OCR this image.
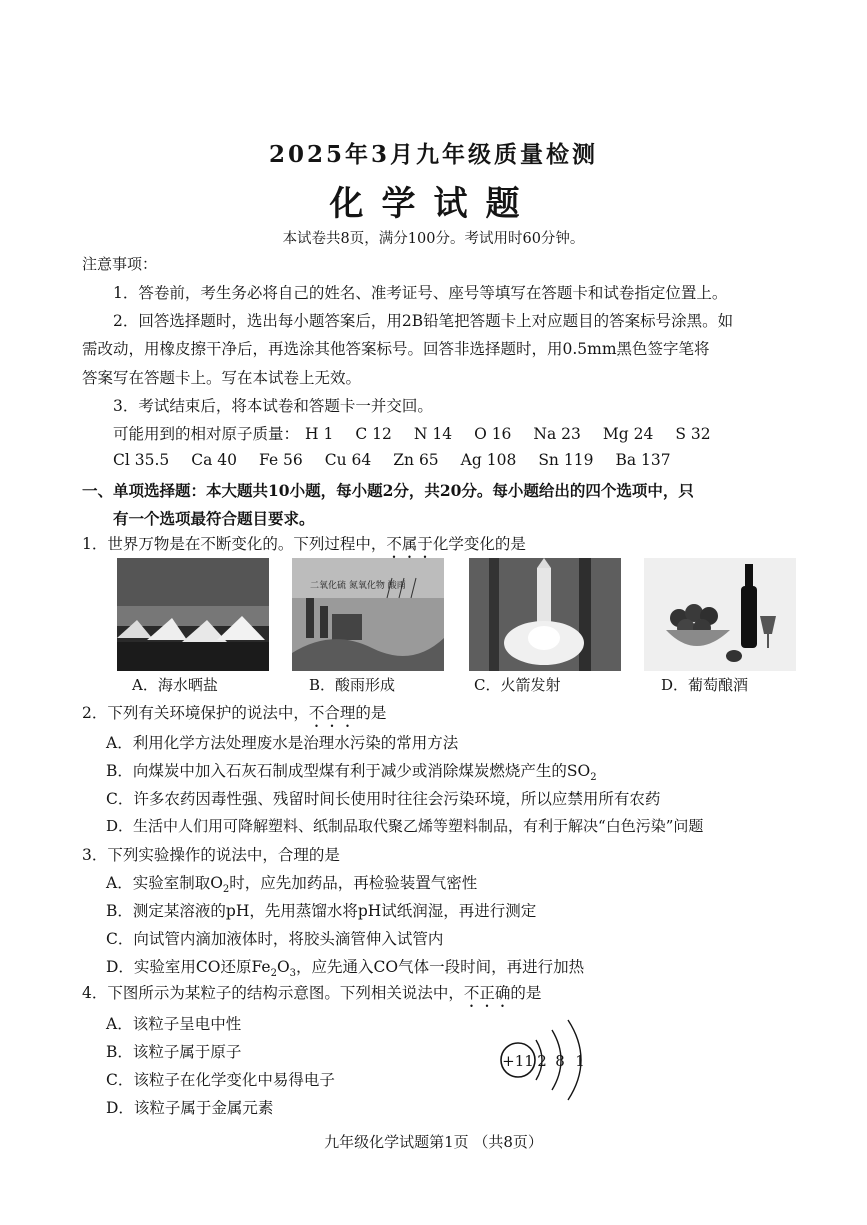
2025年3月九年级质量检测
化学试题
本试卷共8页，满分100分。考试用时60分钟。
注意事项：
1．答卷前，考生务必将自己的姓名、准考证号、座号等填写在答题卡和试卷指定位置上。
2．回答选择题时，选出每小题答案后，用2B铅笔把答题卡上对应题目的答案标号涂黑。如
需改动，用橡皮擦干净后，再选涂其他答案标号。回答非选择题时，用0.5mm黑色签字笔将
答案写在答题卡上。写在本试卷上无效。
3．考试结束后，将本试卷和答题卡一并交回。
可能用到的相对原子质量： H 1 C 12 N 14 O 16 Na 23 Mg 24 S 32
Cl 35.5 Ca 40 Fe 56 Cu 64 Zn 65 Ag 108 Sn 119 Ba 137
一、单项选择题：本大题共10小题，每小题2分，共20分。每小题给出的四个选项中，只
有一个选项最符合题目要求。
1．世界万物是在不断变化的。下列过程中，不属于化学变化的是
二氧化硫 氮氧化物 酸雨
A．海水晒盐	B．酸雨形成	C．火箭发射	D．葡萄酿酒
2．下列有关环境保护的说法中，不合理的是
A．利用化学方法处理废水是治理水污染的常用方法
B．向煤炭中加入石灰石制成型煤有利于减少或消除煤炭燃烧产生的$SO_2$
C．许多农药因毒性强、残留时间长使用时往往会污染环境，所以应禁用所有农药
D．生活中人们用可降解塑料、纸制品取代聚乙烯等塑料制品，有利于解决“白色污染”问题
3．下列实验操作的说法中，合理的是
A．实验室制取$O_2$时，应先加药品，再检验装置气密性
B．测定某溶液的pH，先用蒸馏水将pH试纸润湿，再进行测定
C．向试管内滴加液体时，将胶头滴管伸入试管内
D．实验室用CO还原$Fe_2O_3$，应先通入CO气体一段时间，再进行加热
4．下图所示为某粒子的结构示意图。下列相关说法中，不正确的是
A．该粒子呈电中性
B．该粒子属于原子
C．该粒子在化学变化中易得电子
D．该粒子属于金属元素
+11 2 8 1
九年级化学试题第1页 （共8页）
